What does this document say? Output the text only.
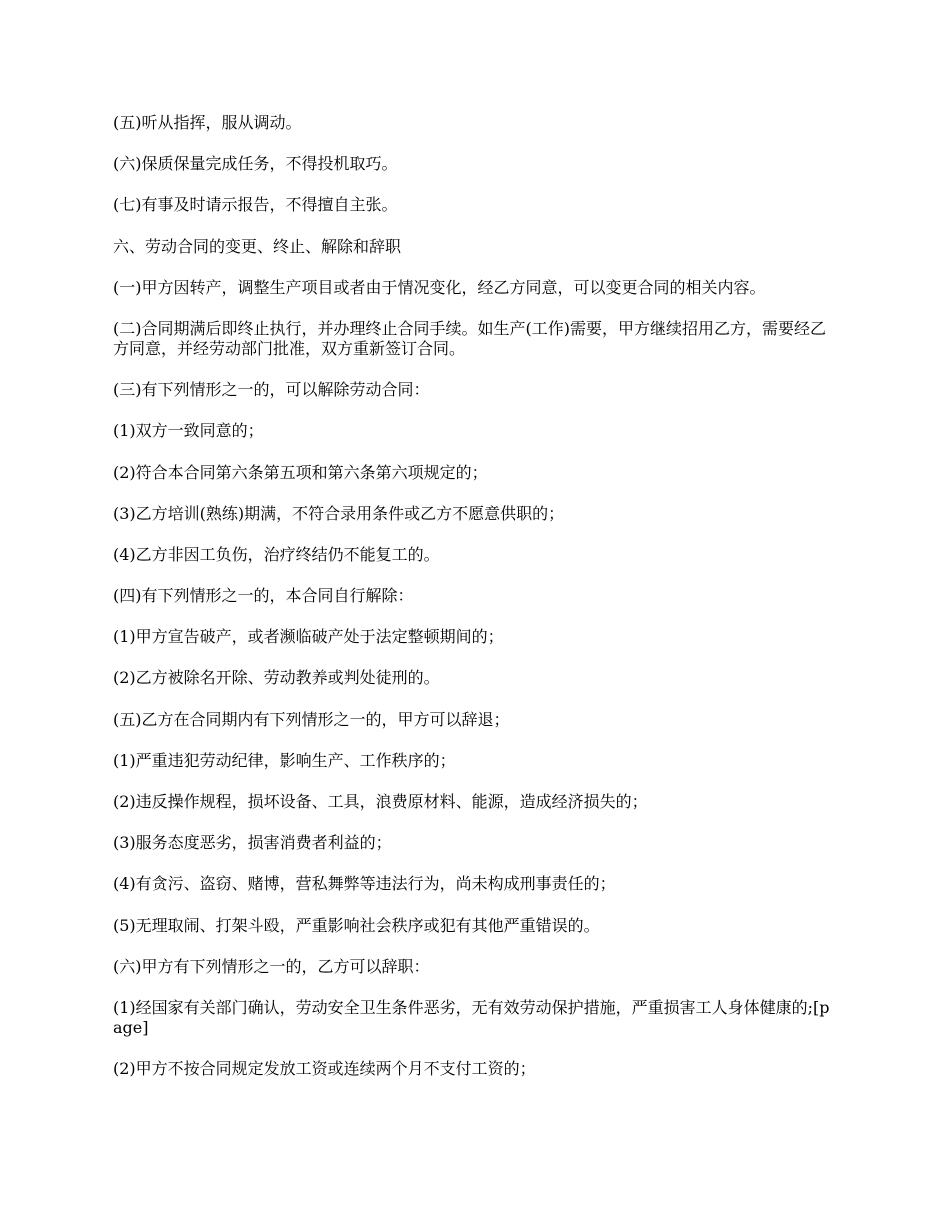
(五)听从指挥，服从调动。

(六)保质保量完成任务，不得投机取巧。

(七)有事及时请示报告，不得擅自主张。

六、劳动合同的变更、终止、解除和辞职

(一)甲方因转产，调整生产项目或者由于情况变化，经乙方同意，可以变更合同的相关内容。

(二)合同期满后即终止执行，并办理终止合同手续。如生产(工作)需要，甲方继续招用乙方，需要经乙方同意，并经劳动部门批准，双方重新签订合同。

(三)有下列情形之一的，可以解除劳动合同：

(1)双方一致同意的；

(2)符合本合同第六条第五项和第六条第六项规定的；

(3)乙方培训(熟练)期满，不符合录用条件或乙方不愿意供职的；

(4)乙方非因工负伤，治疗终结仍不能复工的。

(四)有下列情形之一的，本合同自行解除：

(1)甲方宣告破产，或者濒临破产处于法定整顿期间的；

(2)乙方被除名开除、劳动教养或判处徒刑的。

(五)乙方在合同期内有下列情形之一的，甲方可以辞退；

(1)严重违犯劳动纪律，影响生产、工作秩序的；

(2)违反操作规程，损坏设备、工具，浪费原材料、能源，造成经济损失的；

(3)服务态度恶劣，损害消费者利益的；

(4)有贪污、盗窃、赌博，营私舞弊等违法行为，尚未构成刑事责任的；

(5)无理取闹、打架斗殴，严重影响社会秩序或犯有其他严重错误的。

(六)甲方有下列情形之一的，乙方可以辞职：

(1)经国家有关部门确认，劳动安全卫生条件恶劣，无有效劳动保护措施，严重损害工人身体健康的;[page]

(2)甲方不按合同规定发放工资或连续两个月不支付工资的；
